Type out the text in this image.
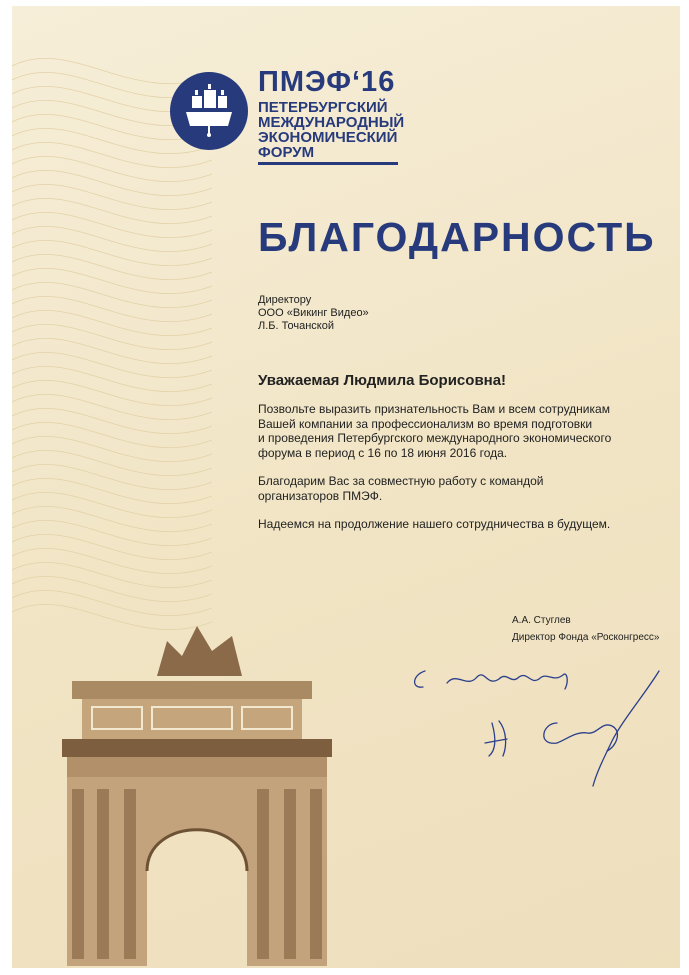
ПМЭФ‘16
ПЕТЕРБУРГСКИЙ
МЕЖДУНАРОДНЫЙ
ЭКОНОМИЧЕСКИЙ
ФОРУМ
БЛАГОДАРНОСТЬ
Директору
ООО «Викинг Видео»
Л.Б. Точанской
Уважаемая Людмила Борисовна!

Позвольте выразить признательность Вам и всем сотрудникам
Вашей компании за профессионализм во время подготовки
и проведения Петербургского международного экономического
форума в период с 16 по 18 июня 2016 года.

Благодарим Вас за совместную работу с командой
организаторов ПМЭФ.

Надеемся на продолжение нашего сотрудничества в будущем.

А.А. Стуглев
Директор Фонда «Росконгресс»
